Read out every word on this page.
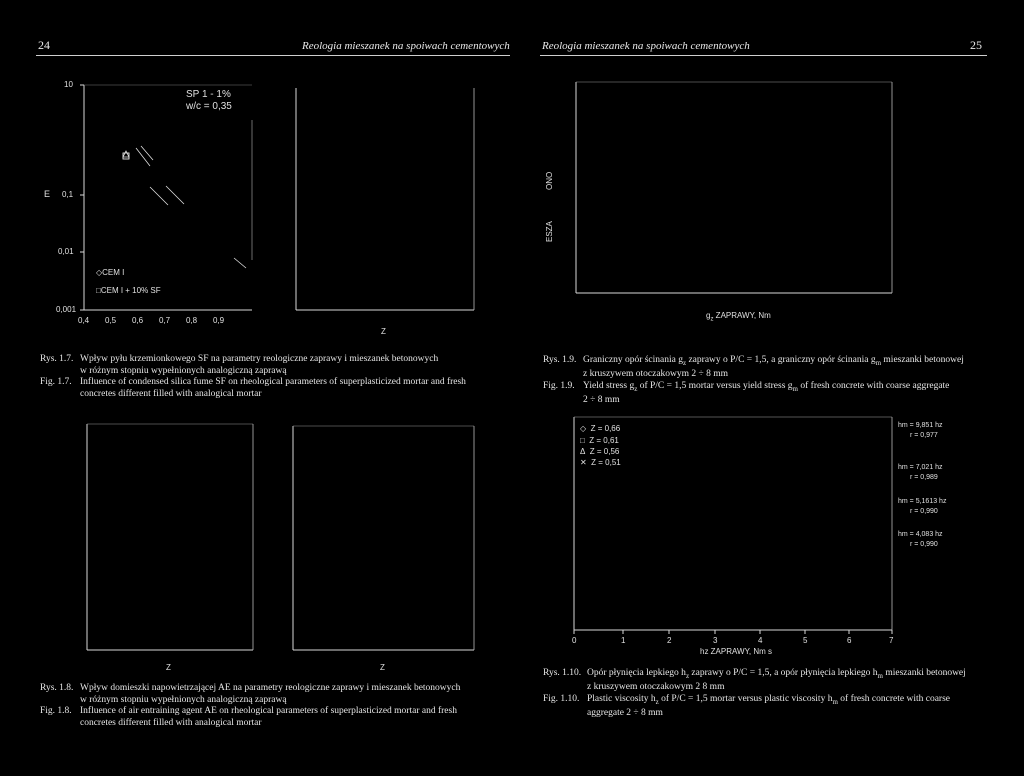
24	Reologia mieszanek na spoiwach cementowych	Reologia mieszanek na spoiwach cementowych	25
10
0,1
0,01
0,001
E
0,4 0,5 0,6 0,7 0,8 0,9
SP 1 - 1%
w/c = 0,35
◇CEM I
□CEM I + 10% SF
Z
Rys. 1.7. Wpływ pyłu krzemionkowego SF na parametry reologiczne zaprawy i mieszanek betonowych
w różnym stopniu wypełnionych analogiczną zaprawą
Fig. 1.7. Influence of condensed silica fume SF on rheological parameters of superplasticized mortar and fresh
concretes different filled with analogical mortar
ONO
ESZA
$g_z$ ZAPRAWY, Nm
Rys. 1.9. Graniczny opór ścinania $g_z$ zaprawy o P/C = 1,5, a graniczny opór ścinania $g_m$ mieszanki betonowej
z kruszywem otoczakowym 2 ÷ 8 mm
Fig. 1.9. Yield stress $g_z$ of P/C = 1,5 mortar versus yield stress $g_m$ of fresh concrete with coarse aggregate
2 ÷ 8 mm
Z	Z
Rys. 1.8. Wpływ domieszki napowietrzającej AE na parametry reologiczne zaprawy i mieszanek betonowych
w różnym stopniu wypełnionych analogiczną zaprawą
Fig. 1.8. Influence of air entraining agent AE on rheological parameters of superplasticized mortar and fresh
concretes different filled with analogical mortar
◇ Z = 0,66
□ Z = 0,61
Δ Z = 0,56
✕ Z = 0,51
hm = 9,851 hz
r = 0,977
hm = 7,021 hz
r = 0,989
hm = 5,1613 hz
r = 0,990
hm = 4,083 hz
r = 0,990
0	1	2	3	4	5	6	7
hz ZAPRAWY, Nm s
Rys. 1.10. Opór płynięcia lepkiego $h_z$ zaprawy o P/C = 1,5, a opór płynięcia lepkiego $h_m$ mieszanki betonowej
z kruszywem otoczakowym 2 8 mm
Fig. 1.10. Plastic viscosity $h_z$ of P/C = 1,5 mortar versus plastic viscosity $h_m$ of fresh concrete with coarse
aggregate 2 ÷ 8 mm
